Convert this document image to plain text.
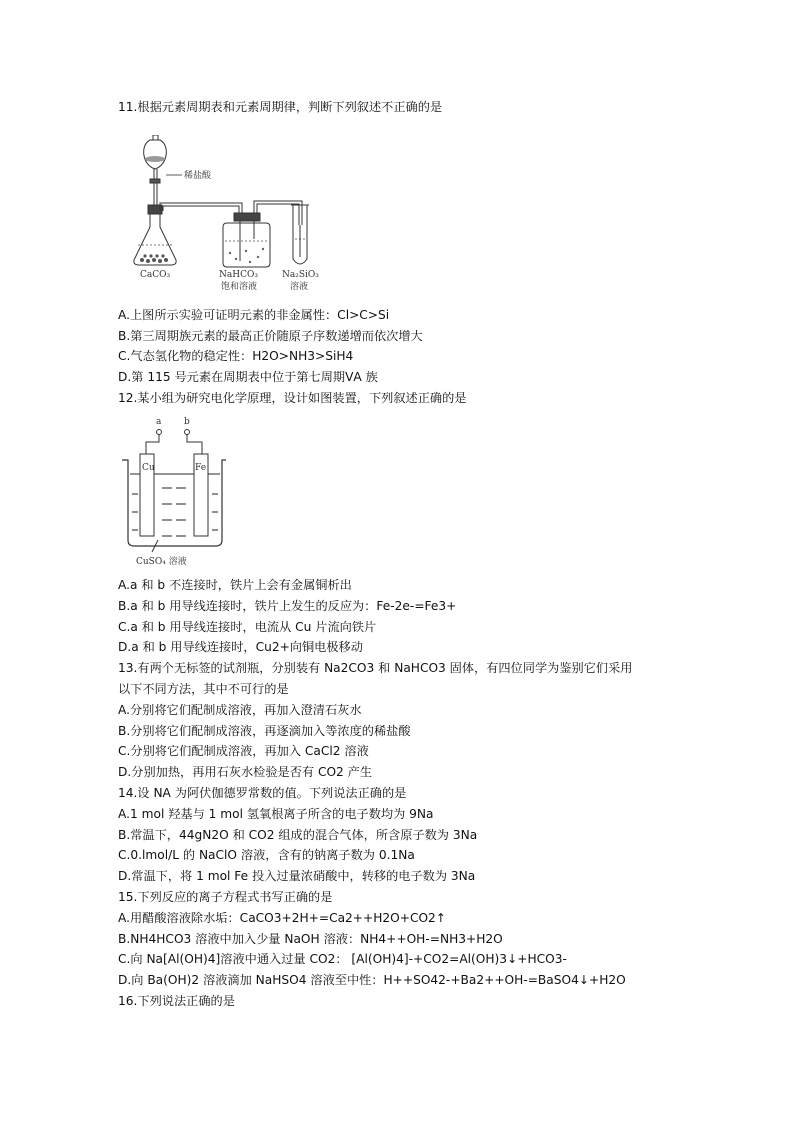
11.根据元素周期表和元素周期律，判断下列叙述不正确的是
稀盐酸
CaCO₃	NaHCO₃
饱和溶液
Na₂SiO₃
溶液
A.上图所示实验可证明元素的非金属性：Cl>C>Si
B.第三周期族元素的最高正价随原子序数递增而依次增大
C.气态氢化物的稳定性：H2O>NH3>SiH4
D.第 115 号元素在周期表中位于第七周期ⅤA 族
12.某小组为研究电化学原理，设计如图装置，下列叙述正确的是
a	b
Cu	Fe
CuSO₄ 溶液
A.a 和 b 不连接时，铁片上会有金属铜析出
B.a 和 b 用导线连接时，铁片上发生的反应为：Fe-2e-=Fe3+
C.a 和 b 用导线连接时，电流从 Cu 片流向铁片
D.a 和 b 用导线连接时，Cu2+向铜电极移动
13.有两个无标签的试剂瓶，分别装有 Na2CO3 和 NaHCO3 固体，有四位同学为鉴别它们采用
以下不同方法，其中不可行的是
A.分别将它们配制成溶液，再加入澄清石灰水
B.分别将它们配制成溶液，再逐滴加入等浓度的稀盐酸
C.分别将它们配制成溶液，再加入 CaCl2 溶液
D.分别加热，再用石灰水检验是否有 CO2 产生
14.设 NA 为阿伏伽德罗常数的值。下列说法正确的是
A.1 mol 羟基与 1 mol 氢氧根离子所含的电子数均为 9Na
B.常温下，44gN2O 和 CO2 组成的混合气体，所含原子数为 3Na
C.0.lmol/L 的 NaClO 溶液，含有的钠离子数为 0.1Na
D.常温下，将 1 mol Fe 投入过量浓硝酸中，转移的电子数为 3Na
15.下列反应的离子方程式书写正确的是
A.用醋酸溶液除水垢：CaCO3+2H+=Ca2++H2O+CO2↑
B.NH4HCO3 溶液中加入少量 NaOH 溶液：NH4++OH-=NH3+H2O
C.向 Na[Al(OH)4]溶液中通入过量 CO2： [Al(OH)4]-+CO2=Al(OH)3↓+HCO3-
D.向 Ba(OH)2 溶液滴加 NaHSO4 溶液至中性：H++SO42-+Ba2++OH-=BaSO4↓+H2O
16.下列说法正确的是
